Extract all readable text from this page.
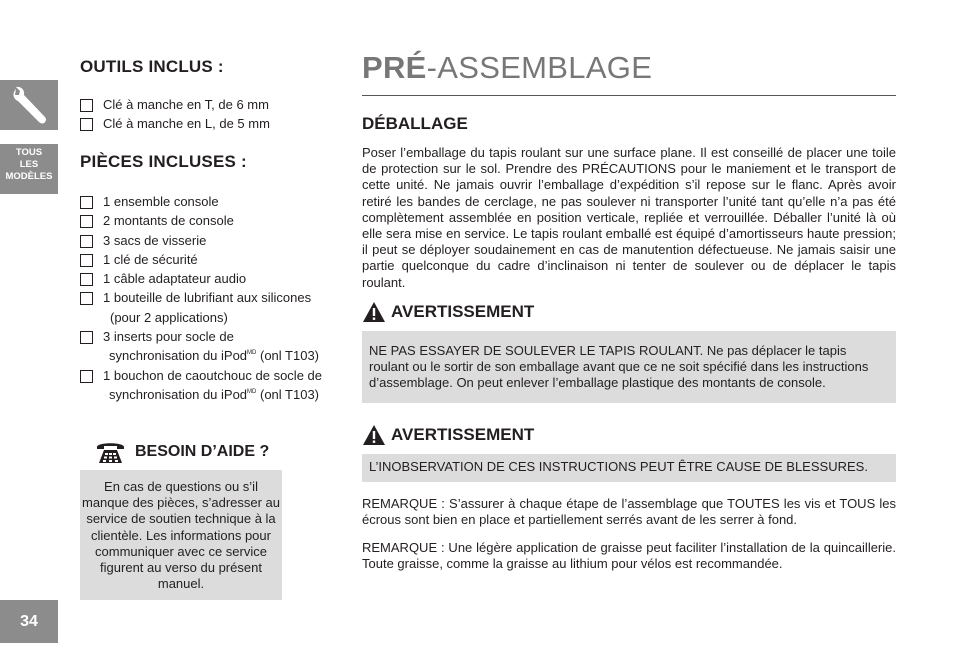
TOUS
LES
MODÈLES
34
OUTILS INCLUS :
Clé à manche en T, de 6 mm
Clé à manche en L, de 5 mm
PIÈCES INCLUSES :
1 ensemble console
2 montants de console
3 sacs de visserie
1 clé de sécurité
1 câble adaptateur audio
1 bouteille de lubrifiant aux silicones
(pour 2 applications)
3 inserts pour socle de
synchronisation du iPod$^{MD}$ (onl T103)
1 bouchon de caoutchouc de socle de
synchronisation du iPod$^{MD}$ (onl T103)
BESOIN D’AIDE ?
En cas de questions ou s’il manque des pièces, s’adresser au service de soutien technique à la clientèle. Les informations pour communiquer avec ce service figurent au verso du présent manuel.
PRÉ-ASSEMBLAGE
DÉBALLAGE
Poser l’emballage du tapis roulant sur une surface plane. Il est conseillé de placer une toile de protection sur le sol. Prendre des PRÉCAUTIONS pour le maniement et le transport de cette unité. Ne jamais ouvrir l’emballage d’expédition s’il repose sur le flanc. Après avoir retiré les bandes de cerclage, ne pas soulever ni transporter l’unité tant qu’elle n’a pas été complètement assemblée en position verticale, repliée et verrouillée. Déballer l’unité là où elle sera mise en service. Le tapis roulant emballé est équipé d’amortisseurs haute pression; il peut se déployer soudainement en cas de manutention défectueuse. Ne jamais saisir une partie quelconque du cadre d’inclinaison ni tenter de soulever ou de déplacer le tapis roulant.
AVERTISSEMENT
NE PAS ESSAYER DE SOULEVER LE TAPIS ROULANT. Ne pas déplacer le tapis roulant ou le sortir de son emballage avant que ce ne soit spécifié dans les instructions d’assemblage. On peut enlever l’emballage plastique des montants de console.
AVERTISSEMENT
L’INOBSERVATION DE CES INSTRUCTIONS PEUT ÊTRE CAUSE DE BLESSURES.
REMARQUE : S’assurer à chaque étape de l’assemblage que TOUTES les vis et TOUS les écrous sont bien en place et partiellement serrés avant de les serrer à fond.
REMARQUE : Une légère application de graisse peut faciliter l’installation de la quincaillerie. Toute graisse, comme la graisse au lithium pour vélos est recommandée.
